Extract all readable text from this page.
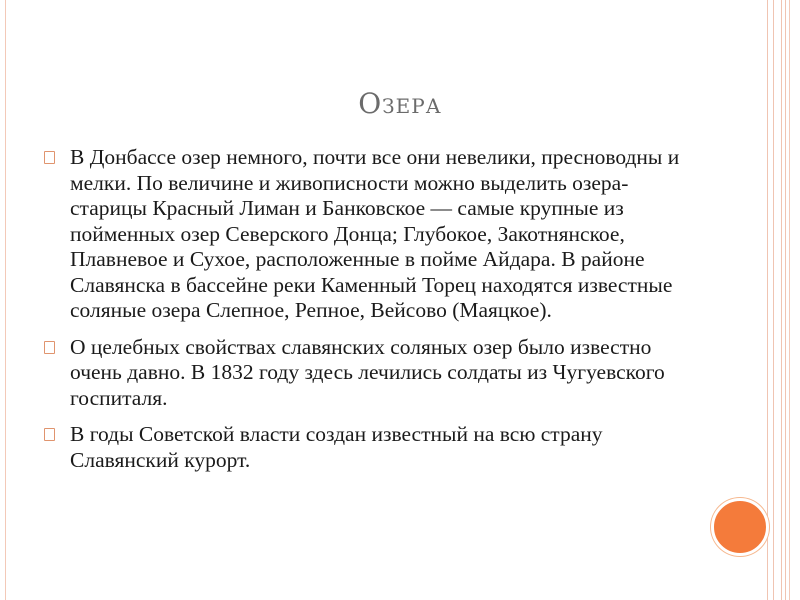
Озера
В Донбассе озер немного, почти все они невелики, пресноводны и мелки. По величине и живописности можно выделить озера-старицы Красный Лиман и Банковское — самые крупные из пойменных озер Северского Донца; Глубокое, Закотнянское, Плавневое и Сухое, расположенные в пойме Айдара. В районе Славянска в бассейне реки Каменный Торец находятся известные соляные озера Слепное, Репное, Вейсово (Маяцкое).
О целебных свойствах славянских соляных озер было известно очень давно. В 1832 году здесь лечились солдаты из Чугуевского госпиталя.
В годы Советской власти создан известный на всю страну Славянский курорт.
